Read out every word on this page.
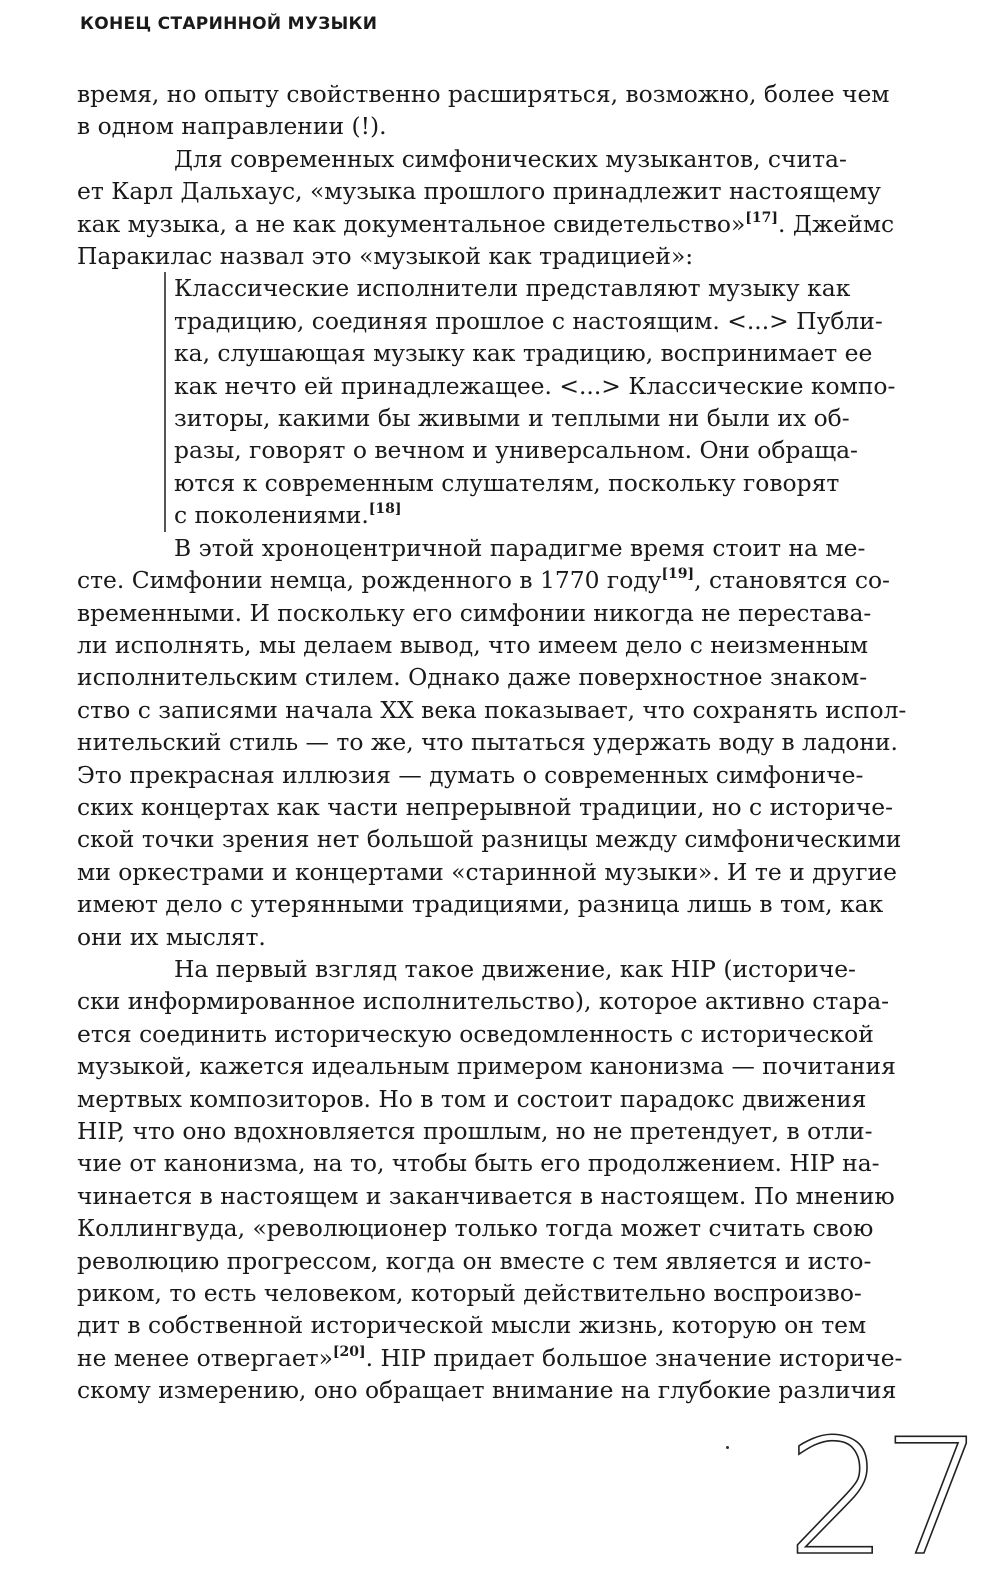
КОНЕЦ СТАРИННОЙ МУЗЫКИ
время, но опыту свойственно расширяться, возможно, более чем
в одном направлении (!).
Для современных симфонических музыкантов, счита-
ет Карл Дальхаус, «музыка прошлого принадлежит настоящему
как музыка, а не как документальное свидетельство»[17]. Джеймс
Паракилас назвал это «музыкой как традицией»:
Классические исполнители представляют музыку как
традицию, соединяя прошлое с настоящим. <...> Публи-
ка, слушающая музыку как традицию, воспринимает ее
как нечто ей принадлежащее. <...> Классические компо-
зиторы, какими бы живыми и теплыми ни были их об-
разы, говорят о вечном и универсальном. Они обраща-
ются к современным слушателям, поскольку говорят
с поколениями.[18]
В этой хроноцентричной парадигме время стоит на ме-
сте. Симфонии немца, рожденного в 1770 году[19], становятся со-
временными. И поскольку его симфонии никогда не перестава-
ли исполнять, мы делаем вывод, что имеем дело с неизменным
исполнительским стилем. Однако даже поверхностное знаком-
ство с записями начала XX века показывает, что сохранять испол-
нительский стиль — то же, что пытаться удержать воду в ладони.
Это прекрасная иллюзия — думать о современных симфониче-
ских концертах как части непрерывной традиции, но с историче-
ской точки зрения нет большой разницы между симфоническими
ми оркестрами и концертами «старинной музыки». И те и другие
имеют дело с утерянными традициями, разница лишь в том, как
они их мыслят.
На первый взгляд такое движение, как HIP (историче-
ски информированное исполнительство), которое активно стара-
ется соединить историческую осведомленность с исторической
музыкой, кажется идеальным примером канонизма — почитания
мертвых композиторов. Но в том и состоит парадокс движения
HIP, что оно вдохновляется прошлым, но не претендует, в отли-
чие от канонизма, на то, чтобы быть его продолжением. HIP на-
чинается в настоящем и заканчивается в настоящем. По мнению
Коллингвуда, «революционер только тогда может считать свою
революцию прогрессом, когда он вместе с тем является и исто-
риком, то есть человеком, который действительно воспроизво-
дит в собственной исторической мысли жизнь, которую он тем
не менее отвергает»[20]. HIP придает большое значение историче-
скому измерению, оно обращает внимание на глубокие различия
27
